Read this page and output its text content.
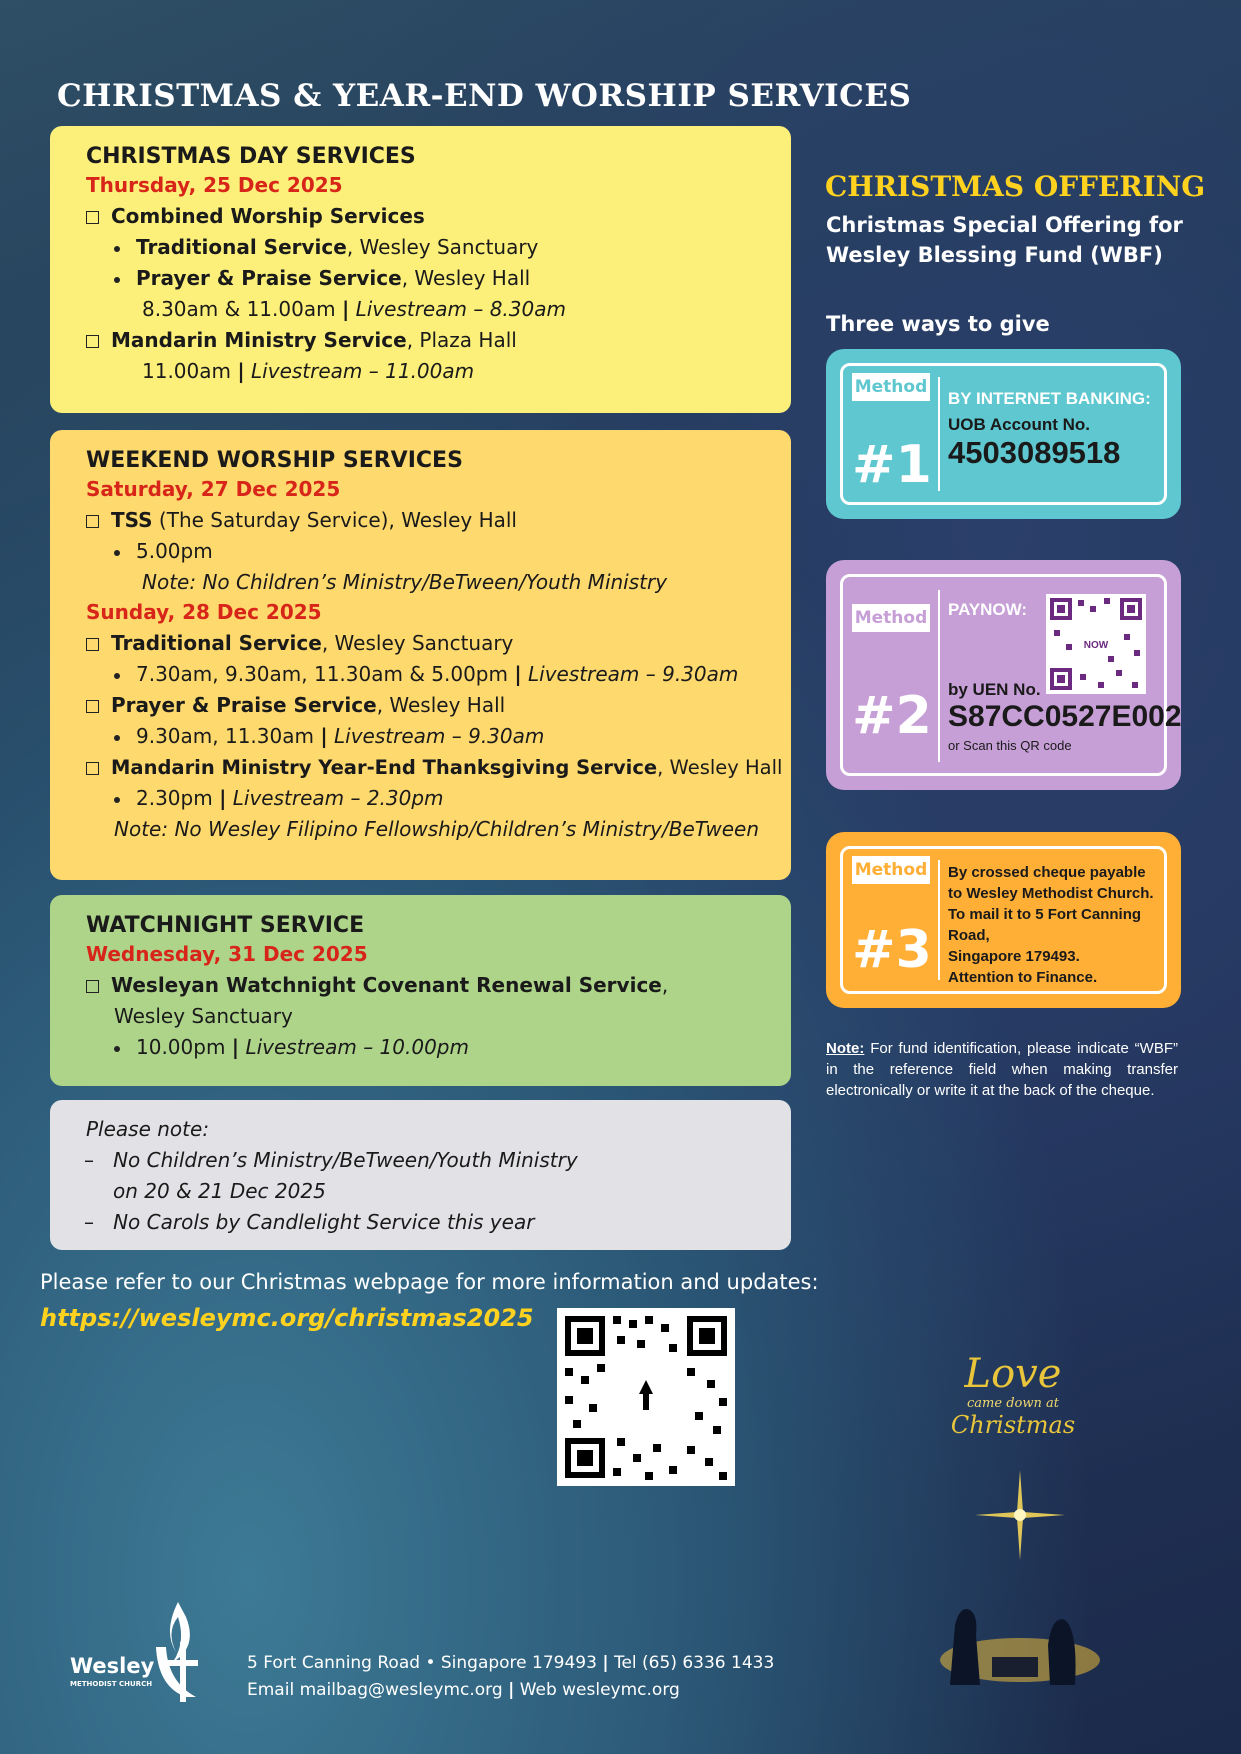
CHRISTMAS & YEAR-END WORSHIP SERVICES
CHRISTMAS DAY SERVICES
Thursday, 25 Dec 2025
Combined Worship Services
Traditional Service, Wesley Sanctuary
Prayer & Praise Service, Wesley Hall
8.30am & 11.00am | Livestream – 8.30am
Mandarin Ministry Service, Plaza Hall
11.00am | Livestream – 11.00am
WEEKEND WORSHIP SERVICES
Saturday, 27 Dec 2025
TSS (The Saturday Service), Wesley Hall
5.00pm
Note: No Children’s Ministry/BeTween/Youth Ministry
Sunday, 28 Dec 2025
Traditional Service, Wesley Sanctuary
7.30am, 9.30am, 11.30am & 5.00pm | Livestream – 9.30am
Prayer & Praise Service, Wesley Hall
9.30am, 11.30am | Livestream – 9.30am
Mandarin Ministry Year-End Thanksgiving Service, Wesley Hall
2.30pm | Livestream – 2.30pm
Note: No Wesley Filipino Fellowship/Children’s Ministry/BeTween
WATCHNIGHT SERVICE
Wednesday, 31 Dec 2025
Wesleyan Watchnight Covenant Renewal Service,
Wesley Sanctuary
10.00pm | Livestream – 10.00pm
Please note:
– No Children’s Ministry/BeTween/Youth Ministry
on 20 & 21 Dec 2025
– No Carols by Candlelight Service this year
Please refer to our Christmas webpage for more information and updates:
https://wesleymc.org/christmas2025
CHRISTMAS OFFERING
Christmas Special Offering for
Wesley Blessing Fund (WBF)
Three ways to give
Method
#1
BY INTERNET BANKING:
UOB Account No.
4503089518
Method
#2
PAYNOW:
NOW
by UEN No.
S87CC0527E002
or Scan this QR code
Method
#3
By crossed cheque payable
to Wesley Methodist Church.
To mail it to 5 Fort Canning Road,
Singapore 179493.
Attention to Finance.
Note: For fund identification, please indicate “WBF” in the reference field when making transfer electronically or write it at the back of the cheque.
Love
came down at
Christmas
Wesley
METHODIST CHURCH
5 Fort Canning Road • Singapore 179493 | Tel (65) 6336 1433
Email mailbag@wesleymc.org | Web wesleymc.org
